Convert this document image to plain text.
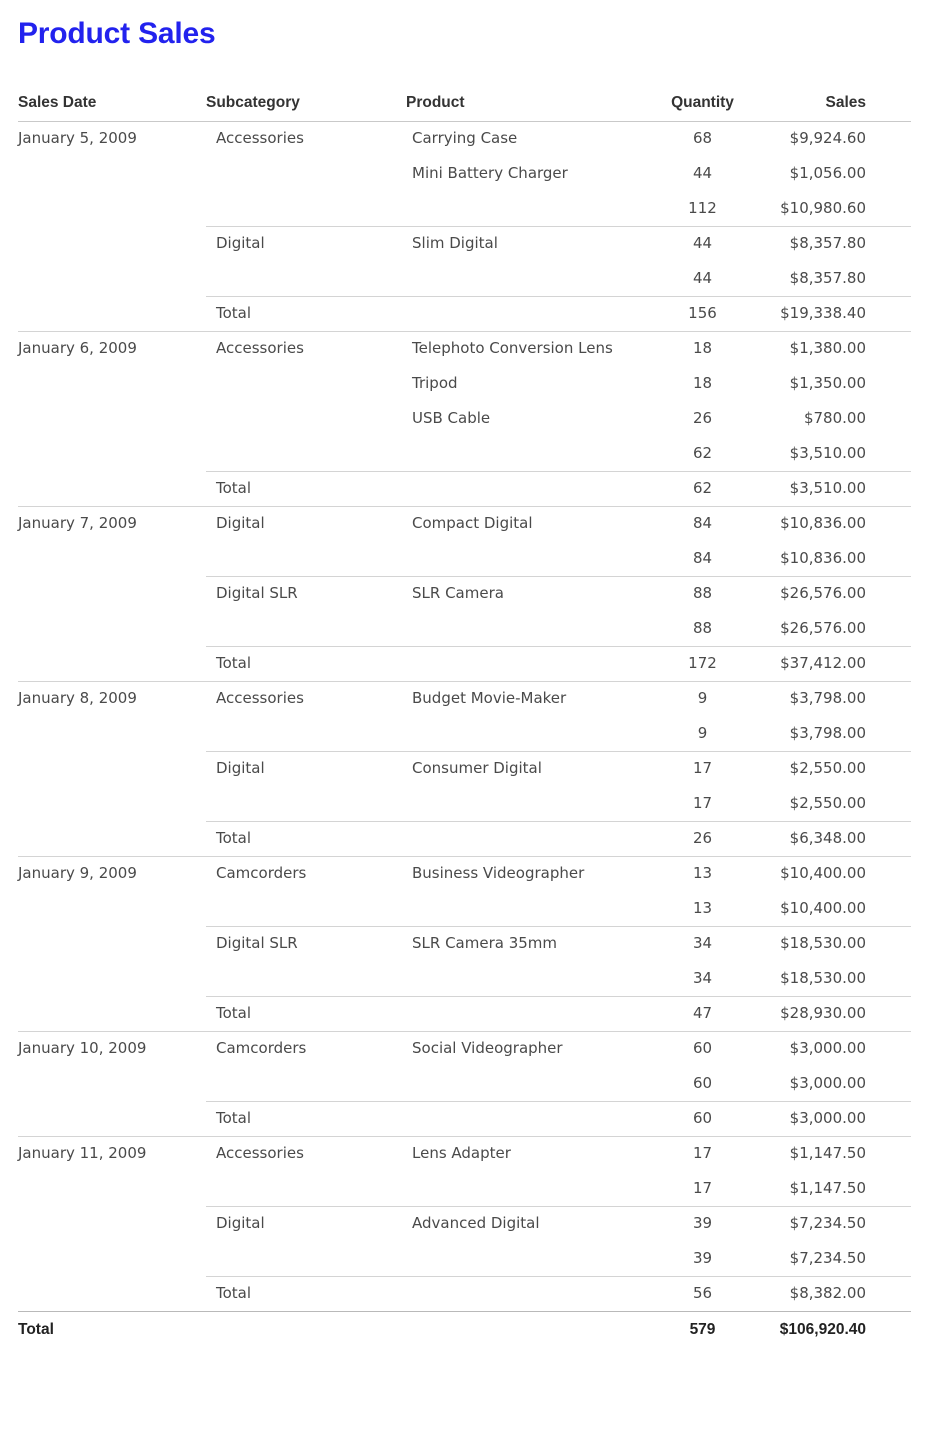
Product Sales
Sales Date	Subcategory	Product	Quantity	Sales
January 5, 2009	Accessories	Carrying Case	68	$9,924.60
		Mini Battery Charger	44	$1,056.00
			112	$10,980.60
	Digital	Slim Digital	44	$8,357.80
			44	$8,357.80
	Total		156	$19,338.40
January 6, 2009	Accessories	Telephoto Conversion Lens	18	$1,380.00
		Tripod	18	$1,350.00
		USB Cable	26	$780.00
			62	$3,510.00
	Total		62	$3,510.00
January 7, 2009	Digital	Compact Digital	84	$10,836.00
			84	$10,836.00
	Digital SLR	SLR Camera	88	$26,576.00
			88	$26,576.00
	Total		172	$37,412.00
January 8, 2009	Accessories	Budget Movie-Maker	9	$3,798.00
			9	$3,798.00
	Digital	Consumer Digital	17	$2,550.00
			17	$2,550.00
	Total		26	$6,348.00
January 9, 2009	Camcorders	Business Videographer	13	$10,400.00
			13	$10,400.00
	Digital SLR	SLR Camera 35mm	34	$18,530.00
			34	$18,530.00
	Total		47	$28,930.00
January 10, 2009	Camcorders	Social Videographer	60	$3,000.00
			60	$3,000.00
	Total		60	$3,000.00
January 11, 2009	Accessories	Lens Adapter	17	$1,147.50
			17	$1,147.50
	Digital	Advanced Digital	39	$7,234.50
			39	$7,234.50
	Total		56	$8,382.00
Total			579	$106,920.40
